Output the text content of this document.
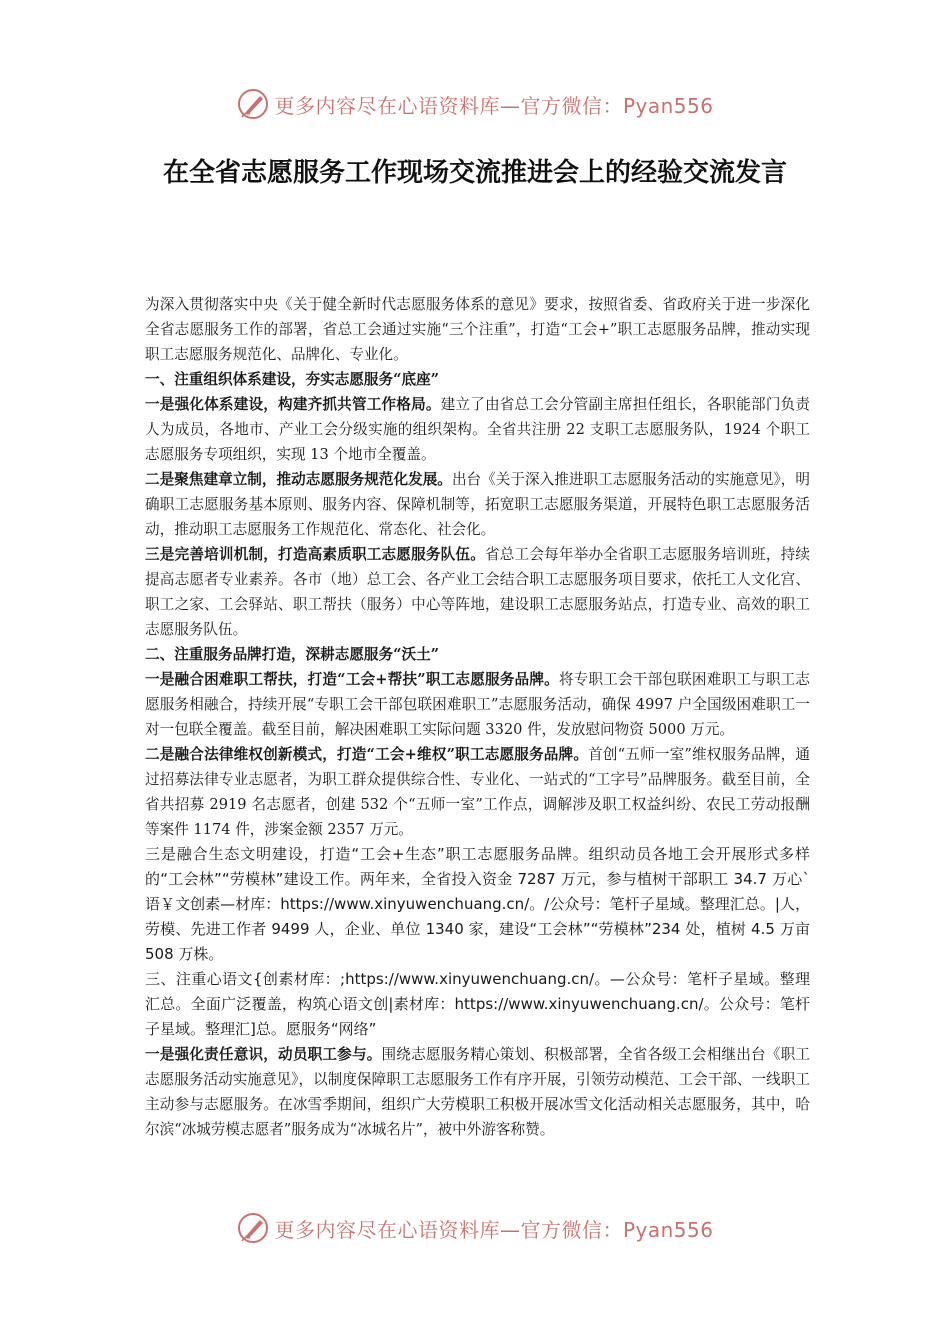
更多内容尽在心语资料库—官方微信：Pyan556
在全省志愿服务工作现场交流推进会上的经验交流发言

为深入贯彻落实中央《关于健全新时代志愿服务体系的意见》要求，按照省委、省政府关于进一步深化全省志愿服务工作的部署，省总工会通过实施“三个注重”，打造“工会+”职工志愿服务品牌，推动实现职工志愿服务规范化、品牌化、专业化。

一、注重组织体系建设，夯实志愿服务“底座”

一是强化体系建设，构建齐抓共管工作格局。建立了由省总工会分管副主席担任组长，各职能部门负责人为成员，各地市、产业工会分级实施的组织架构。全省共注册 22 支职工志愿服务队，1924 个职工志愿服务专项组织，实现 13 个地市全覆盖。

二是聚焦建章立制，推动志愿服务规范化发展。出台《关于深入推进职工志愿服务活动的实施意见》，明确职工志愿服务基本原则、服务内容、保障机制等，拓宽职工志愿服务渠道，开展特色职工志愿服务活动，推动职工志愿服务工作规范化、常态化、社会化。

三是完善培训机制，打造高素质职工志愿服务队伍。省总工会每年举办全省职工志愿服务培训班，持续提高志愿者专业素养。各市（地）总工会、各产业工会结合职工志愿服务项目要求，依托工人文化宫、职工之家、工会驿站、职工帮扶（服务）中心等阵地，建设职工志愿服务站点，打造专业、高效的职工志愿服务队伍。

二、注重服务品牌打造，深耕志愿服务“沃土”

一是融合困难职工帮扶，打造“工会+帮扶”职工志愿服务品牌。将专职工会干部包联困难职工与职工志愿服务相融合，持续开展“专职工会干部包联困难职工”志愿服务活动，确保 4997 户全国级困难职工一对一包联全覆盖。截至目前，解决困难职工实际问题 3320 件，发放慰问物资 5000 万元。

二是融合法律维权创新模式，打造“工会+维权”职工志愿服务品牌。首创“五师一室”维权服务品牌，通过招募法律专业志愿者，为职工群众提供综合性、专业化、一站式的“工字号”品牌服务。截至目前，全省共招募 2919 名志愿者，创建 532 个“五师一室”工作点，调解涉及职工权益纠纷、农民工劳动报酬等案件 1174 件，涉案金额 2357 万元。

三是融合生态文明建设，打造“工会+生态”职工志愿服务品牌。组织动员各地工会开展形式多样的“工会林”“劳模林”建设工作。两年来，全省投入资金 7287 万元，参与植树干部职工 34.7 万心`语￥文创素—材库：https://www.xinyuwenchuang.cn/。/公众号：笔杆子星域。整理汇总。|人，劳模、先进工作者 9499 人，企业、单位 1340 家，建设“工会林”“劳模林”234 处，植树 4.5 万亩 508 万株。

三、注重心语文{创素材库：;https://www.xinyuwenchuang.cn/。—公众号：笔杆子星域。整理汇总。全面广泛覆盖，构筑心语文创|素材库：https://www.xinyuwenchuang.cn/。公众号：笔杆子星域。整理汇]总。愿服务“网络”

一是强化责任意识，动员职工参与。围绕志愿服务精心策划、积极部署，全省各级工会相继出台《职工志愿服务活动实施意见》，以制度保障职工志愿服务工作有序开展，引领劳动模范、工会干部、一线职工主动参与志愿服务。在冰雪季期间，组织广大劳模职工积极开展冰雪文化活动相关志愿服务，其中，哈尔滨“冰城劳模志愿者”服务成为“冰城名片”，被中外游客称赞。

更多内容尽在心语资料库—官方微信：Pyan556
